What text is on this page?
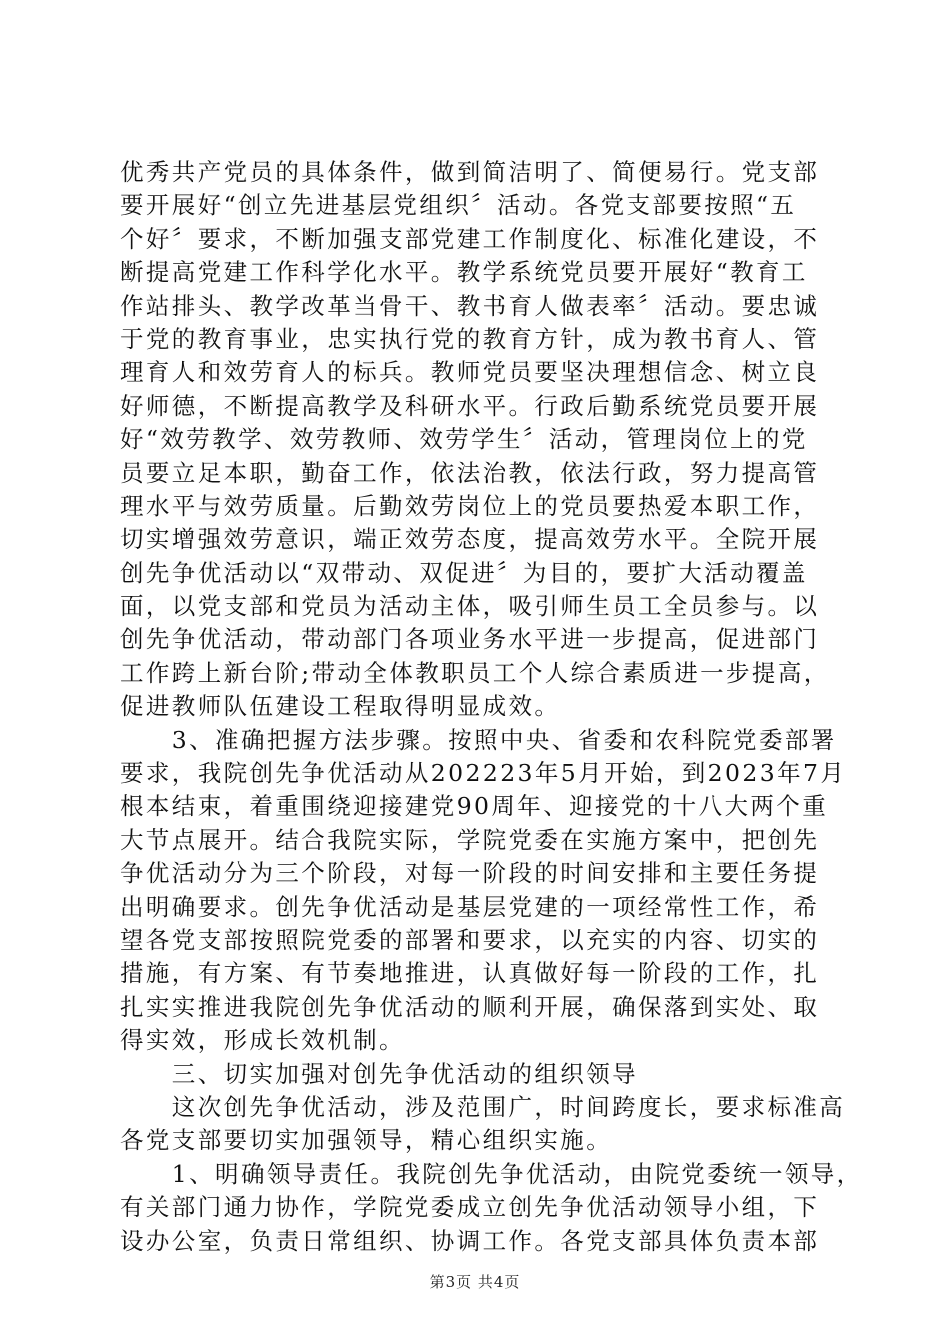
优秀共产党员的具体条件，做到简洁明了、简便易行。党支部
要开展好“创立先进基层党组织〞活动。各党支部要按照“五
个好〞要求，不断加强支部党建工作制度化、标准化建设，不
断提高党建工作科学化水平。教学系统党员要开展好“教育工
作站排头、教学改革当骨干、教书育人做表率〞活动。要忠诚
于党的教育事业，忠实执行党的教育方针，成为教书育人、管
理育人和效劳育人的标兵。教师党员要坚决理想信念、树立良
好师德，不断提高教学及科研水平。行政后勤系统党员要开展
好“效劳教学、效劳教师、效劳学生〞活动，管理岗位上的党
员要立足本职，勤奋工作，依法治教，依法行政，努力提高管
理水平与效劳质量。后勤效劳岗位上的党员要热爱本职工作，
切实增强效劳意识，端正效劳态度，提高效劳水平。全院开展
创先争优活动以“双带动、双促进〞为目的，要扩大活动覆盖
面，以党支部和党员为活动主体，吸引师生员工全员参与。以
创先争优活动，带动部门各项业务水平进一步提高，促进部门
工作跨上新台阶;带动全体教职员工个人综合素质进一步提高，
促进教师队伍建设工程取得明显成效。
　　3、准确把握方法步骤。按照中央、省委和农科院党委部署
要求，我院创先争优活动从202223年5月开始，到2023年7月
根本结束，着重围绕迎接建党90周年、迎接党的十八大两个重
大节点展开。结合我院实际，学院党委在实施方案中，把创先
争优活动分为三个阶段，对每一阶段的时间安排和主要任务提
出明确要求。创先争优活动是基层党建的一项经常性工作，希
望各党支部按照院党委的部署和要求，以充实的内容、切实的
措施，有方案、有节奏地推进，认真做好每一阶段的工作，扎
扎实实推进我院创先争优活动的顺利开展，确保落到实处、取
得实效，形成长效机制。
　　三、切实加强对创先争优活动的组织领导
　　这次创先争优活动，涉及范围广，时间跨度长，要求标准高
各党支部要切实加强领导，精心组织实施。
　　1、明确领导责任。我院创先争优活动，由院党委统一领导，
有关部门通力协作，学院党委成立创先争优活动领导小组，下
设办公室，负责日常组织、协调工作。各党支部具体负责本部
第3页 共4页
